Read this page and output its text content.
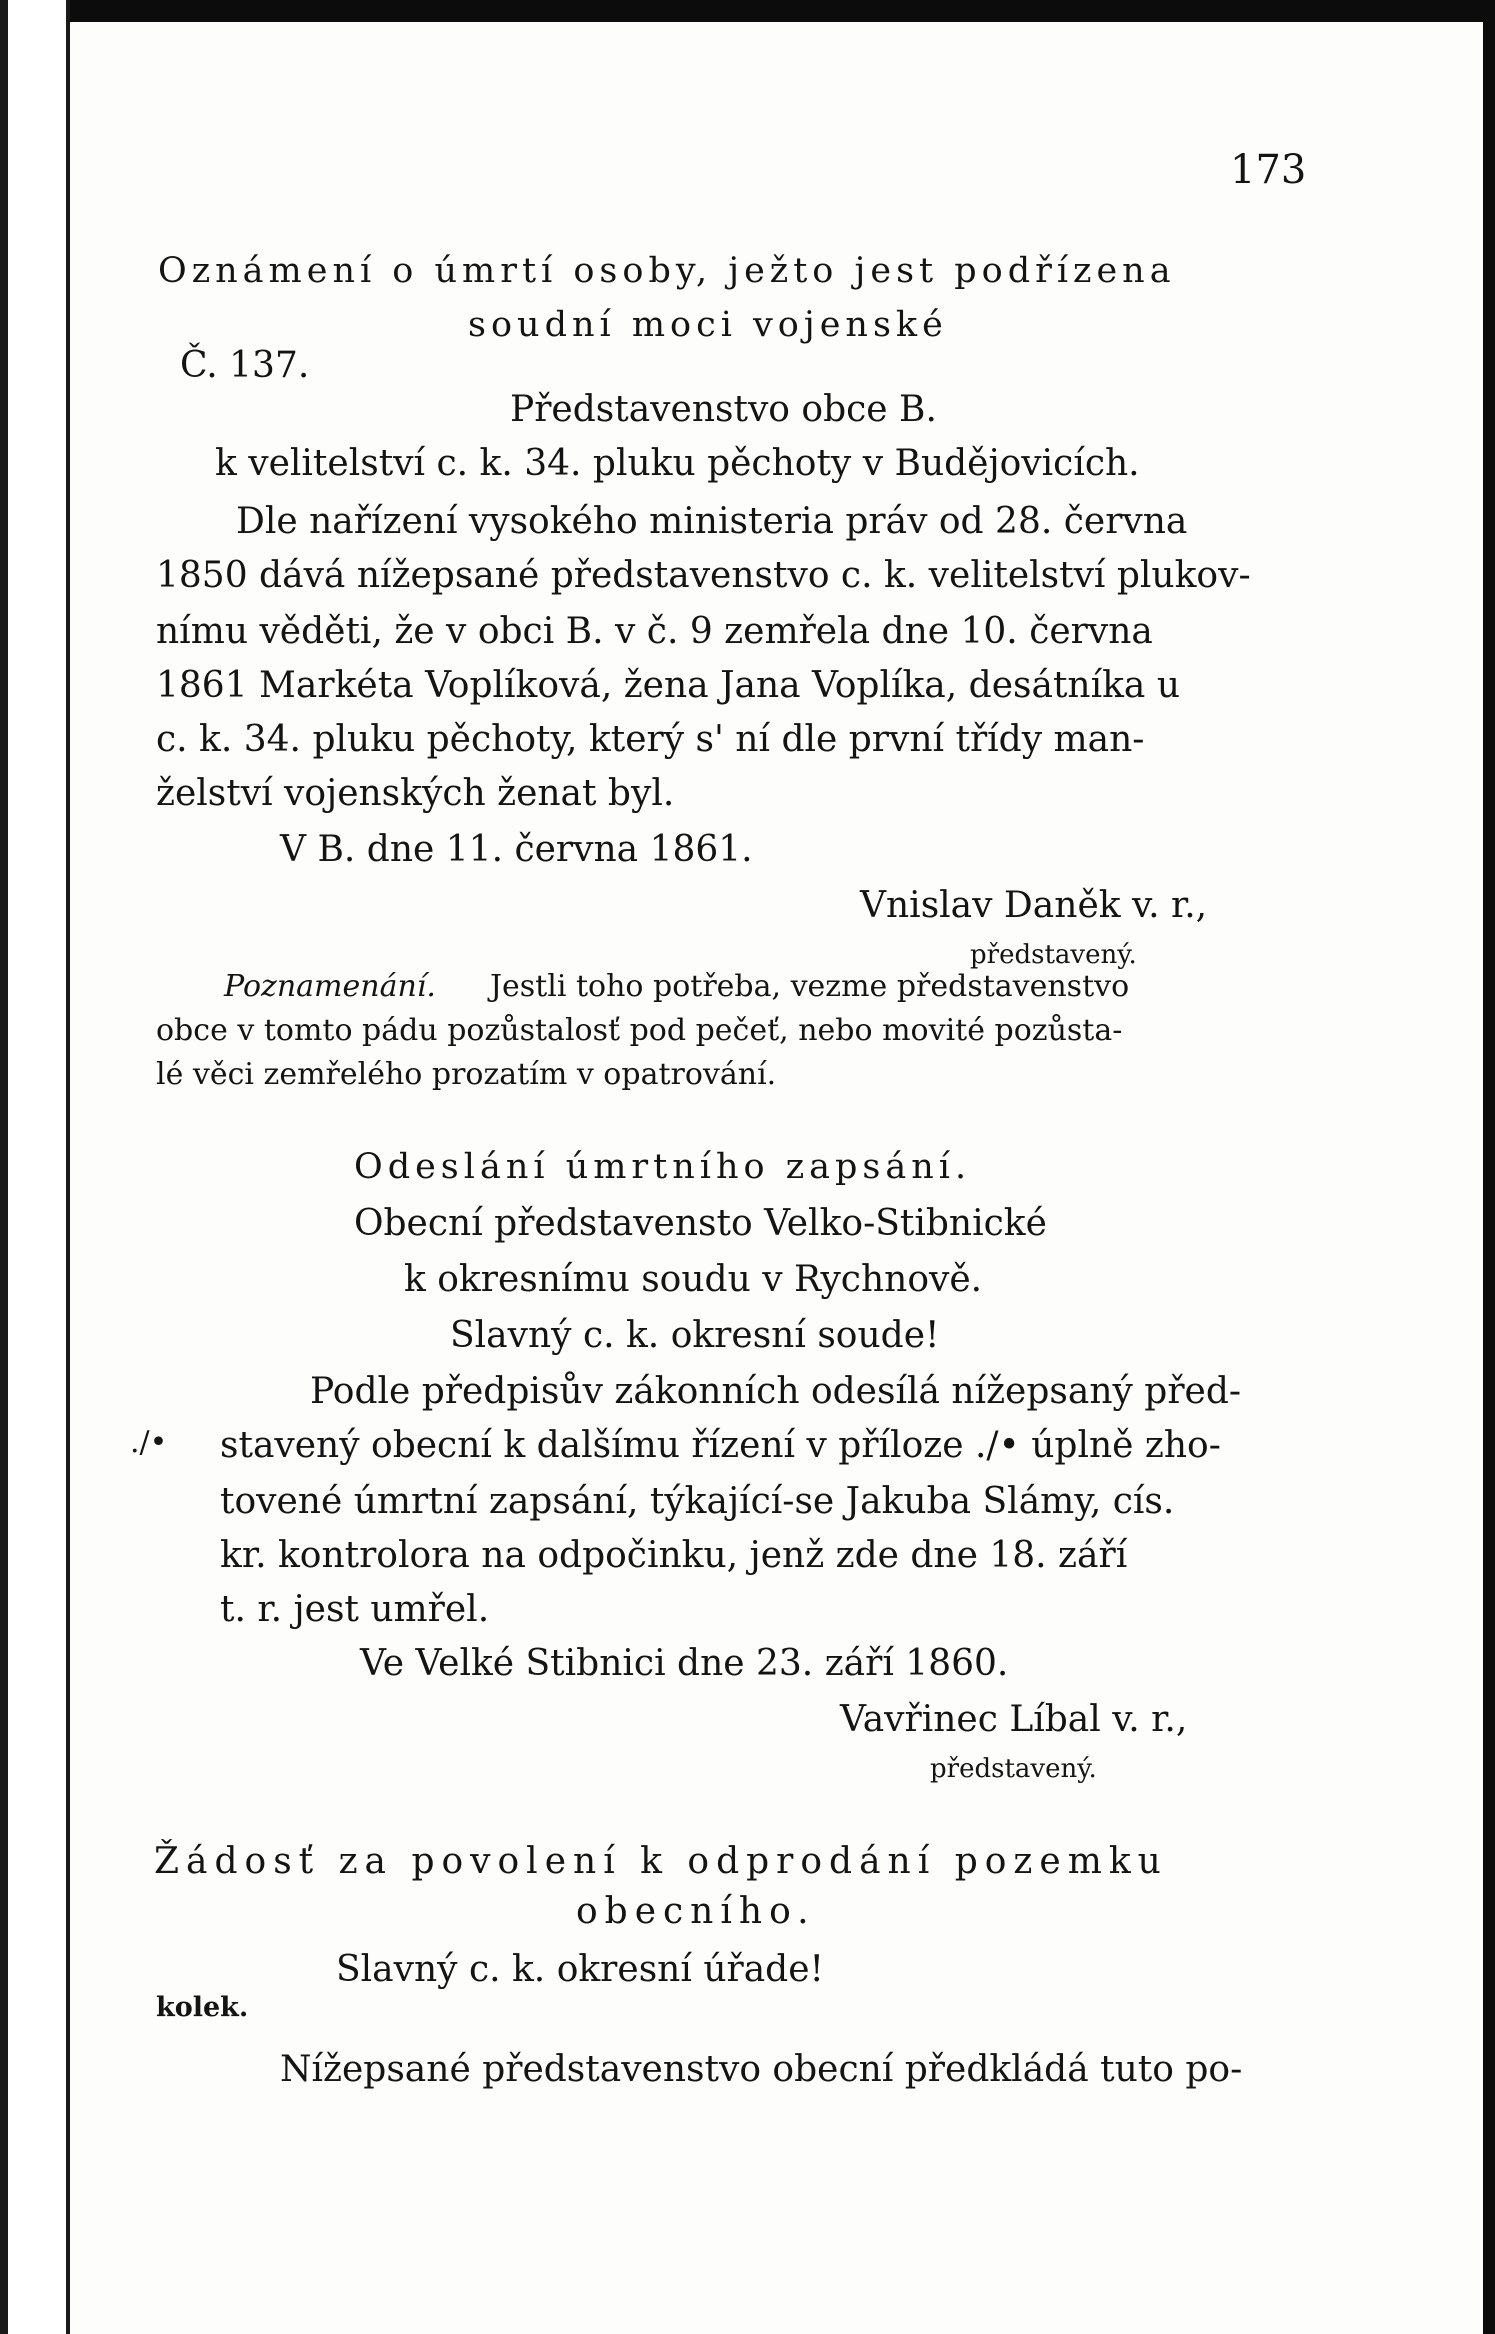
173
Oznámení o úmrtí osoby, ježto jest podřízena
soudní moci vojenské
Č. 137.
Představenstvo obce B.
k velitelství c. k. 34. pluku pěchoty v Budějovicích.
Dle nařízení vysokého ministeria práv od 28. června
1850 dává nížepsané představenstvo c. k. velitelství plukov-
nímu věděti, že v obci B. v č. 9 zemřela dne 10. června
1861 Markéta Voplíková, žena Jana Voplíka, desátníka u
c. k. 34. pluku pěchoty, který s' ní dle první třídy man-
želství vojenských ženat byl.
V B. dne 11. června 1861.
Vnislav Daněk v. r.,
představený.
Poznamenání. Jestli toho potřeba, vezme představenstvo
obce v tomto pádu pozůstalosť pod pečeť, nebo movité pozůsta-
lé věci zemřelého prozatím v opatrování.
Odeslání úmrtního zapsání.
Obecní představensto Velko-Stibnické
k okresnímu soudu v Rychnově.
Slavný c. k. okresní soude!
./•
Podle předpisův zákonních odesílá nížepsaný před-
stavený obecní k dalšímu řízení v příloze ./• úplně zho-
tovené úmrtní zapsání, týkající-se Jakuba Slámy, cís.
kr. kontrolora na odpočinku, jenž zde dne 18. září
t. r. jest umřel.
Ve Velké Stibnici dne 23. září 1860.
Vavřinec Líbal v. r.,
představený.
Žádosť za povolení k odprodání pozemku
obecního.
Slavný c. k. okresní úřade!
kolek.
Nížepsané představenstvo obecní předkládá tuto po-
